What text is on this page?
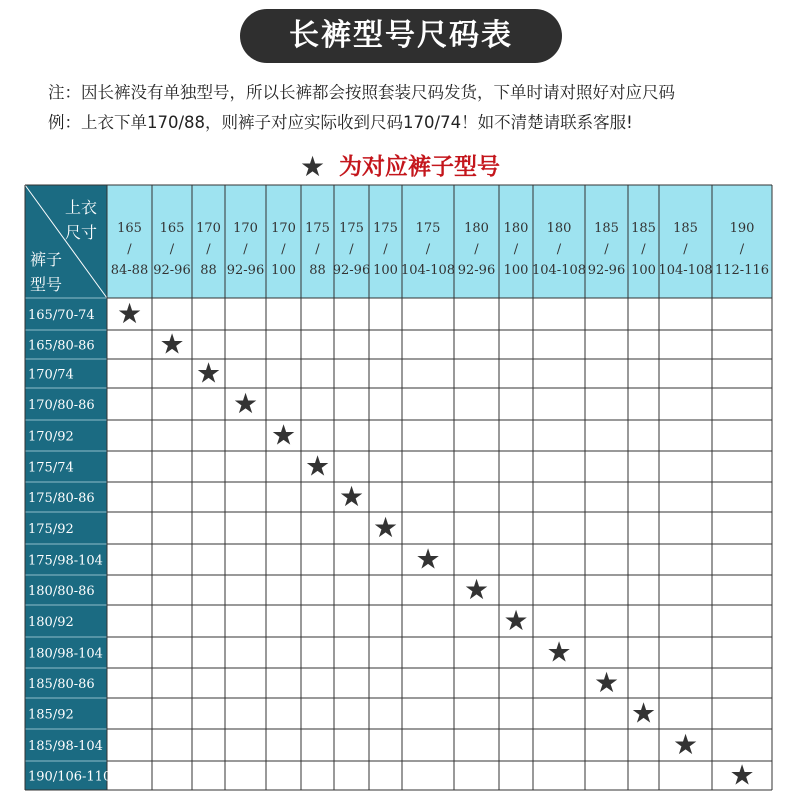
长裤型号尺码表
注：因长裤没有单独型号，所以长裤都会按照套装尺码发货，下单时请对照好对应尺码
例：上衣下单170/88，则裤子对应实际收到尺码170/74！如不清楚请联系客服!
★ 为对应裤子型号
上衣
尺寸
裤子
型号
165
/
84-88
165
/
92-96
170
/
88
170
/
92-96
170
/
100
175
/
88
175
/
92-96
175
/
100
175
/
104-108
180
/
92-96
180
/
100
180
/
104-108
185
/
92-96
185
/
100
185
/
104-108
190
/
112-116
165/70-74
165/80-86
170/74
170/80-86
170/92
175/74
175/80-86
175/92
175/98-104
180/80-86
180/92
180/98-104
185/80-86
185/92
185/98-104
190/106-110
★
★
★
★
★
★
★
★
★
★
★
★
★
★
★
★
